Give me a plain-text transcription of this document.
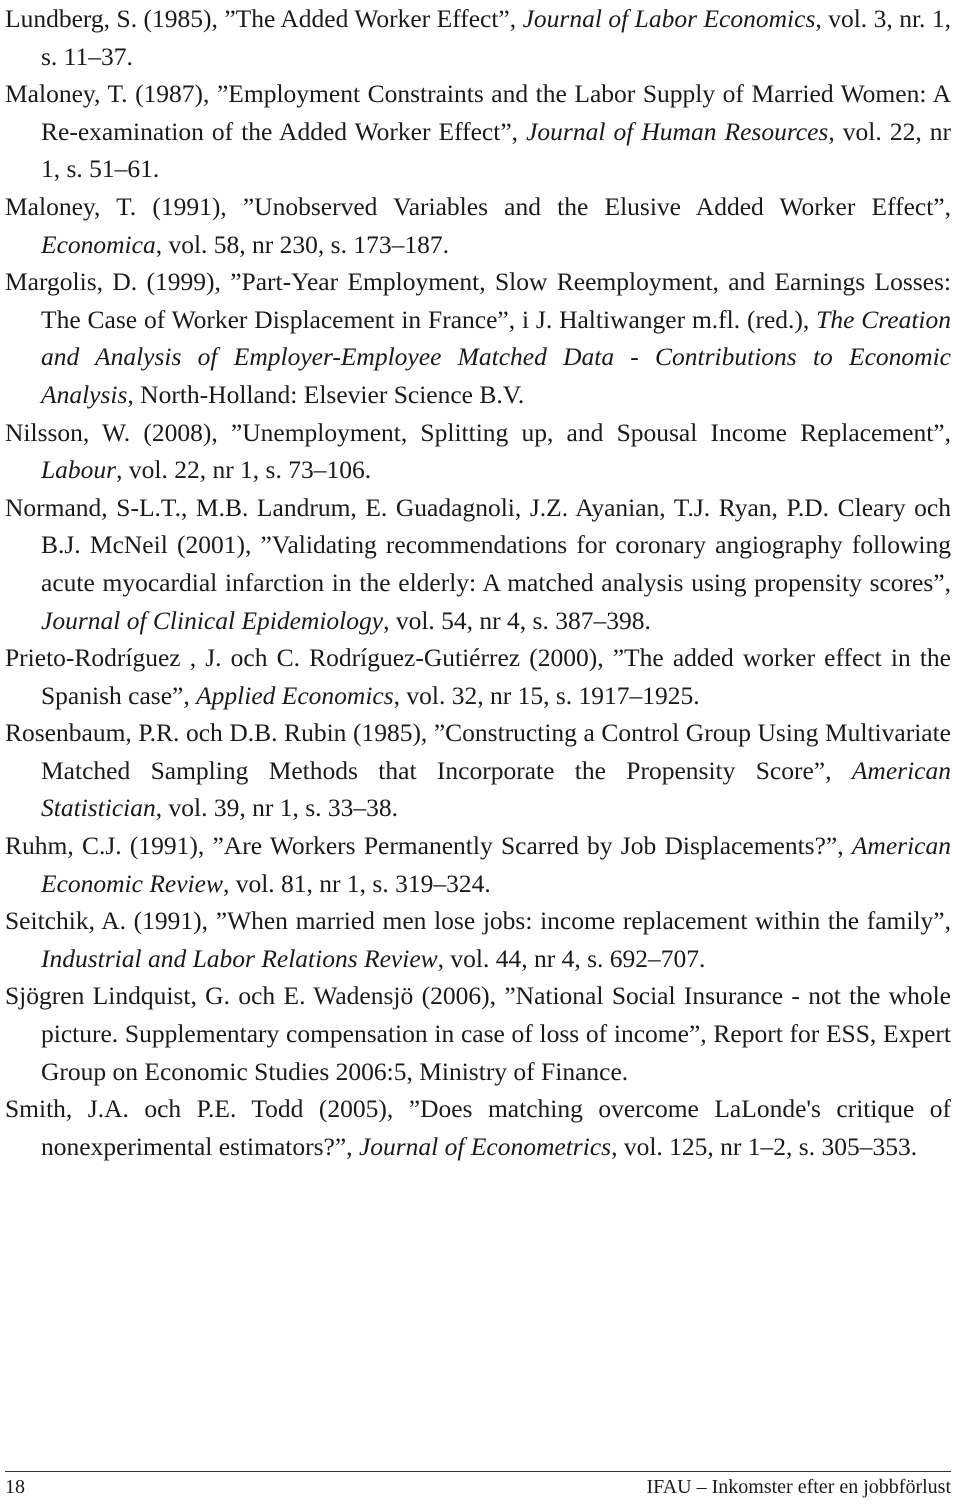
Lundberg, S. (1985), ”The Added Worker Effect”, Journal of Labor Economics, vol. 3, nr. 1, s. 11–37.

Maloney, T. (1987), ”Employment Constraints and the Labor Supply of Married Women: A Re-examination of the Added Worker Effect”, Journal of Human Resources, vol. 22, nr 1, s. 51–61.

Maloney, T. (1991), ”Unobserved Variables and the Elusive Added Worker Effect”, Economica, vol. 58, nr 230, s. 173–187.

Margolis, D. (1999), ”Part-Year Employment, Slow Reemployment, and Earnings Losses: The Case of Worker Displacement in France”, i J. Haltiwanger m.fl. (red.), The Creation and Analysis of Employer-Employee Matched Data - Contributions to Economic Analysis, North-Holland: Elsevier Science B.V.

Nilsson, W. (2008), ”Unemployment, Splitting up, and Spousal Income Replacement”, Labour, vol. 22, nr 1, s. 73–106.

Normand, S-L.T., M.B. Landrum, E. Guadagnoli, J.Z. Ayanian, T.J. Ryan, P.D. Cleary och B.J. McNeil (2001), ”Validating recommendations for coronary angiography following acute myocardial infarction in the elderly: A matched analysis using propensity scores”, Journal of Clinical Epidemiology, vol. 54, nr 4, s. 387–398.

Prieto-Rodríguez , J. och C. Rodríguez-Gutiérrez (2000), ”The added worker effect in the Spanish case”, Applied Economics, vol. 32, nr 15, s. 1917–1925.

Rosenbaum, P.R. och D.B. Rubin (1985), ”Constructing a Control Group Using Multivariate Matched Sampling Methods that Incorporate the Propensity Score”, American Statistician, vol. 39, nr 1, s. 33–38.

Ruhm, C.J. (1991), ”Are Workers Permanently Scarred by Job Displacements?”, American Economic Review, vol. 81, nr 1, s. 319–324.

Seitchik, A. (1991), ”When married men lose jobs: income replacement within the family”, Industrial and Labor Relations Review, vol. 44, nr 4, s. 692–707.

Sjögren Lindquist, G. och E. Wadensjö (2006), ”National Social Insurance - not the whole picture. Supplementary compensation in case of loss of income”, Report for ESS, Expert Group on Economic Studies 2006:5, Ministry of Finance.

Smith, J.A. och P.E. Todd (2005), ”Does matching overcome LaLonde's critique of nonexperimental estimators?”, Journal of Econometrics, vol. 125, nr 1–2, s. 305–353.

18	IFAU – Inkomster efter en jobbförlust
